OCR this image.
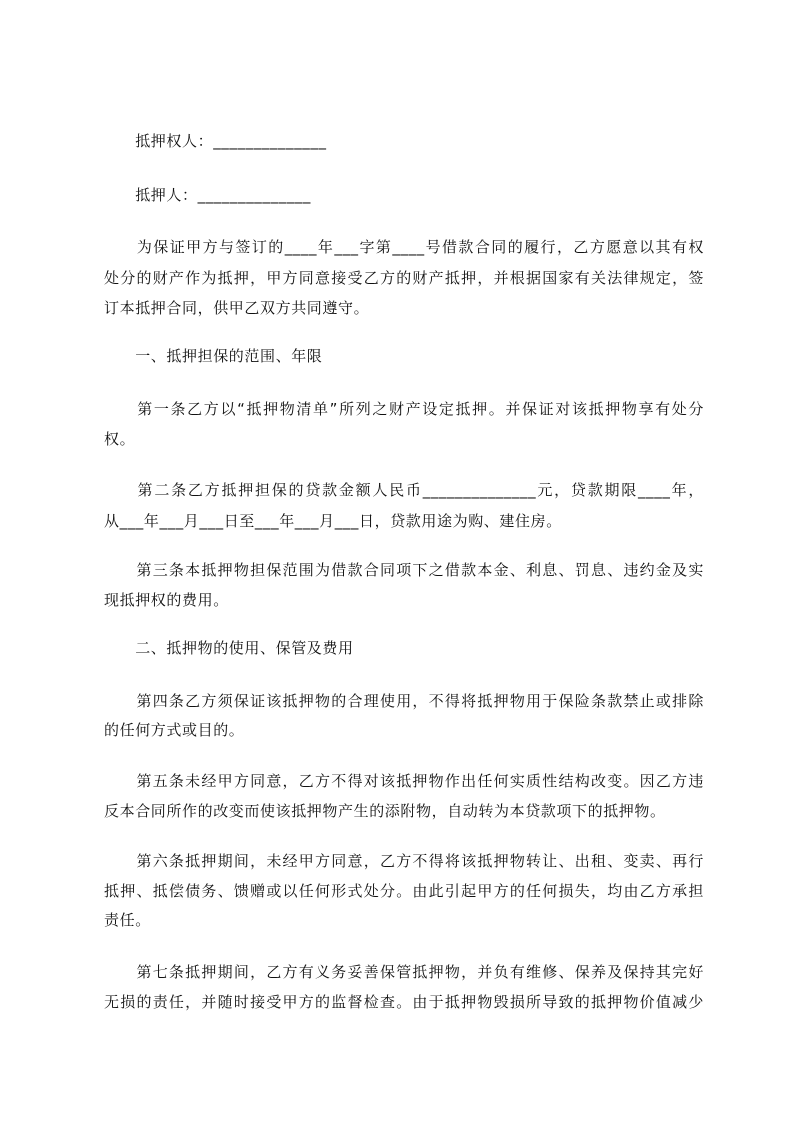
　　抵押权人：______________
　　抵押人：______________
　　为保证甲方与签订的____年___字第____号借款合同的履行，乙方愿意以其有权
处分的财产作为抵押，甲方同意接受乙方的财产抵押，并根据国家有关法律规定，签
订本抵押合同，供甲乙双方共同遵守。
　　一、抵押担保的范围、年限
　　第一条乙方以“抵押物清单”所列之财产设定抵押。并保证对该抵押物享有处分
权。
　　第二条乙方抵押担保的贷款金额人民币______________元，贷款期限____年，
从___年___月___日至___年___月___日，贷款用途为购、建住房。
　　第三条本抵押物担保范围为借款合同项下之借款本金、利息、罚息、违约金及实
现抵押权的费用。
　　二、抵押物的使用、保管及费用
　　第四条乙方须保证该抵押物的合理使用，不得将抵押物用于保险条款禁止或排除
的任何方式或目的。
　　第五条未经甲方同意，乙方不得对该抵押物作出任何实质性结构改变。因乙方违
反本合同所作的改变而使该抵押物产生的添附物，自动转为本贷款项下的抵押物。
　　第六条抵押期间，未经甲方同意，乙方不得将该抵押物转让、出租、变卖、再行
抵押、抵偿债务、馈赠或以任何形式处分。由此引起甲方的任何损失，均由乙方承担
责任。
　　第七条抵押期间，乙方有义务妥善保管抵押物，并负有维修、保养及保持其完好
无损的责任，并随时接受甲方的监督检查。由于抵押物毁损所导致的抵押物价值减少
